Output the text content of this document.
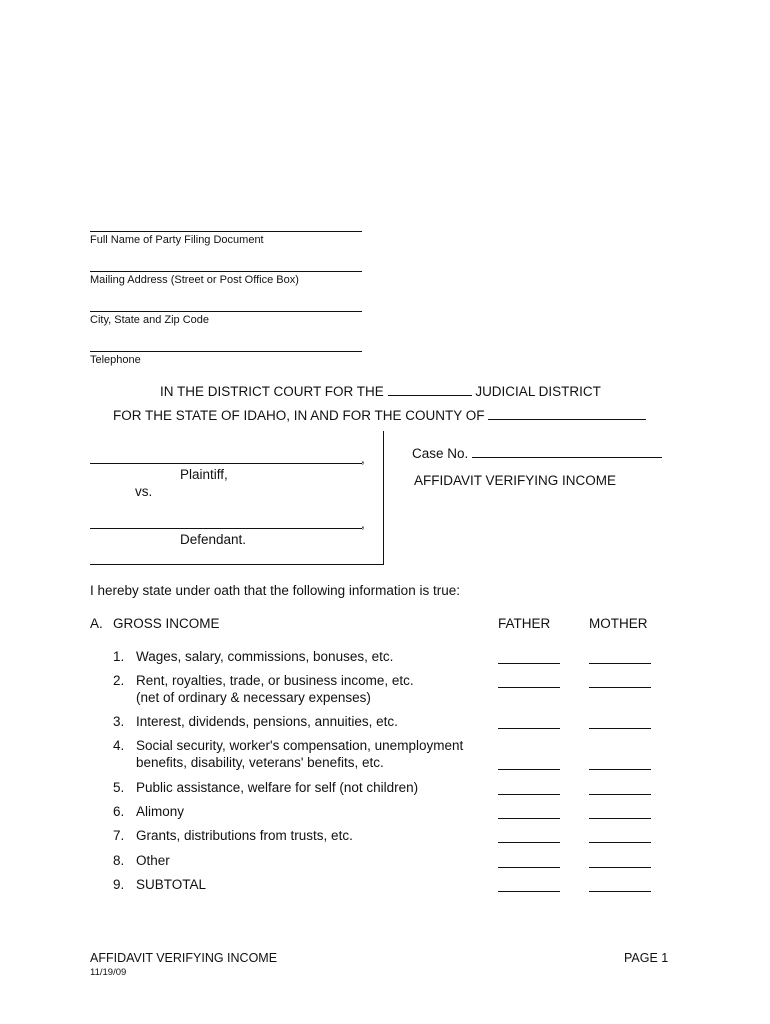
Full Name of Party Filing Document
Mailing Address (Street or Post Office Box)
City, State and Zip Code
Telephone
IN THE DISTRICT COURT FOR THE	JUDICIAL DISTRICT
FOR THE STATE OF IDAHO, IN AND FOR THE COUNTY OF
,
Plaintiff,
vs.
,
Defendant.
Case No.
AFFIDAVIT VERIFYING INCOME
I hereby state under oath that the following information is true:
A. GROSS INCOME	FATHER	MOTHER
1. Wages, salary, commissions, bonuses, etc.
2. Rent, royalties, trade, or business income, etc.
(net of ordinary & necessary expenses)
3. Interest, dividends, pensions, annuities, etc.
4. Social security, worker's compensation, unemployment
benefits, disability, veterans' benefits, etc.
5. Public assistance, welfare for self (not children)
6. Alimony
7. Grants, distributions from trusts, etc.
8. Other
9. SUBTOTAL
AFFIDAVIT VERIFYING INCOME
11/19/09
PAGE 1
